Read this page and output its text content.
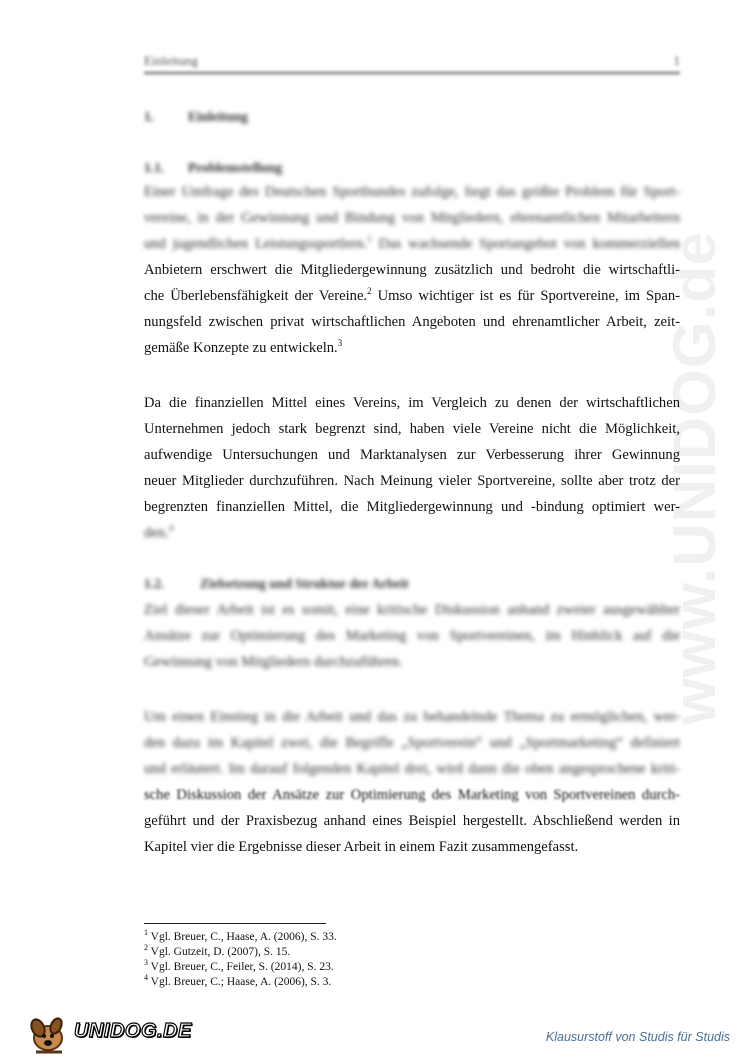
www.UNIDOG.de
Einleitung	1
1.	Einleitung
1.1. Problemstellung
Einer Umfrage des Deutschen Sportbundes zufolge, liegt das größte Problem für Sport-
vereine, in der Gewinnung und Bindung von Mitgliedern, ehrenamtlichen Mitarbeitern
und jugendlichen Leistungssportlern.$^1$ Das wachsende Sportangebot von kommerziellen
Anbietern erschwert die Mitgliedergewinnung zusätzlich und bedroht die wirtschaftli-
che Überlebensfähigkeit der Vereine.$^2$ Umso wichtiger ist es für Sportvereine, im Span-
nungsfeld zwischen privat wirtschaftlichen Angeboten und ehrenamtlicher Arbeit, zeit-
gemäße Konzepte zu entwickeln.$^3$
Da die finanziellen Mittel eines Vereins, im Vergleich zu denen der wirtschaftlichen
Unternehmen jedoch stark begrenzt sind, haben viele Vereine nicht die Möglichkeit,
aufwendige Untersuchungen und Marktanalysen zur Verbesserung ihrer Gewinnung
neuer Mitglieder durchzuführen. Nach Meinung vieler Sportvereine, sollte aber trotz der
begrenzten finanziellen Mittel, die Mitgliedergewinnung und -bindung optimiert wer-
den.$^4$
1.2.	Zielsetzung und Struktur der Arbeit
Ziel dieser Arbeit ist es somit, eine kritische Diskussion anhand zweier ausgewählter
Ansätze zur Optimierung des Marketing von Sportvereinen, im Hinblick auf die
Gewinnung von Mitgliedern durchzuführen.
Um einen Einstieg in die Arbeit und das zu behandelnde Thema zu ermöglichen, wer-
den dazu im Kapitel zwei, die Begriffe „Sportverein“ und „Sportmarketing“ definiert
und erläutert. Im darauf folgenden Kapitel drei, wird dann die oben angesprochene kriti-
sche Diskussion der Ansätze zur Optimierung des Marketing von Sportvereinen durch-
geführt und der Praxisbezug anhand eines Beispiel hergestellt. Abschließend werden in
Kapitel vier die Ergebnisse dieser Arbeit in einem Fazit zusammengefasst.
$^1$ Vgl. Breuer, C., Haase, A. (2006), S. 33.
$^2$ Vgl. Gutzeit, D. (2007), S. 15.
$^3$ Vgl. Breuer, C., Feiler, S. (2014), S. 23.
$^4$ Vgl. Breuer, C.; Haase, A. (2006), S. 3.
UNIDOG.DE	Klausurstoff von Studis für Studis
